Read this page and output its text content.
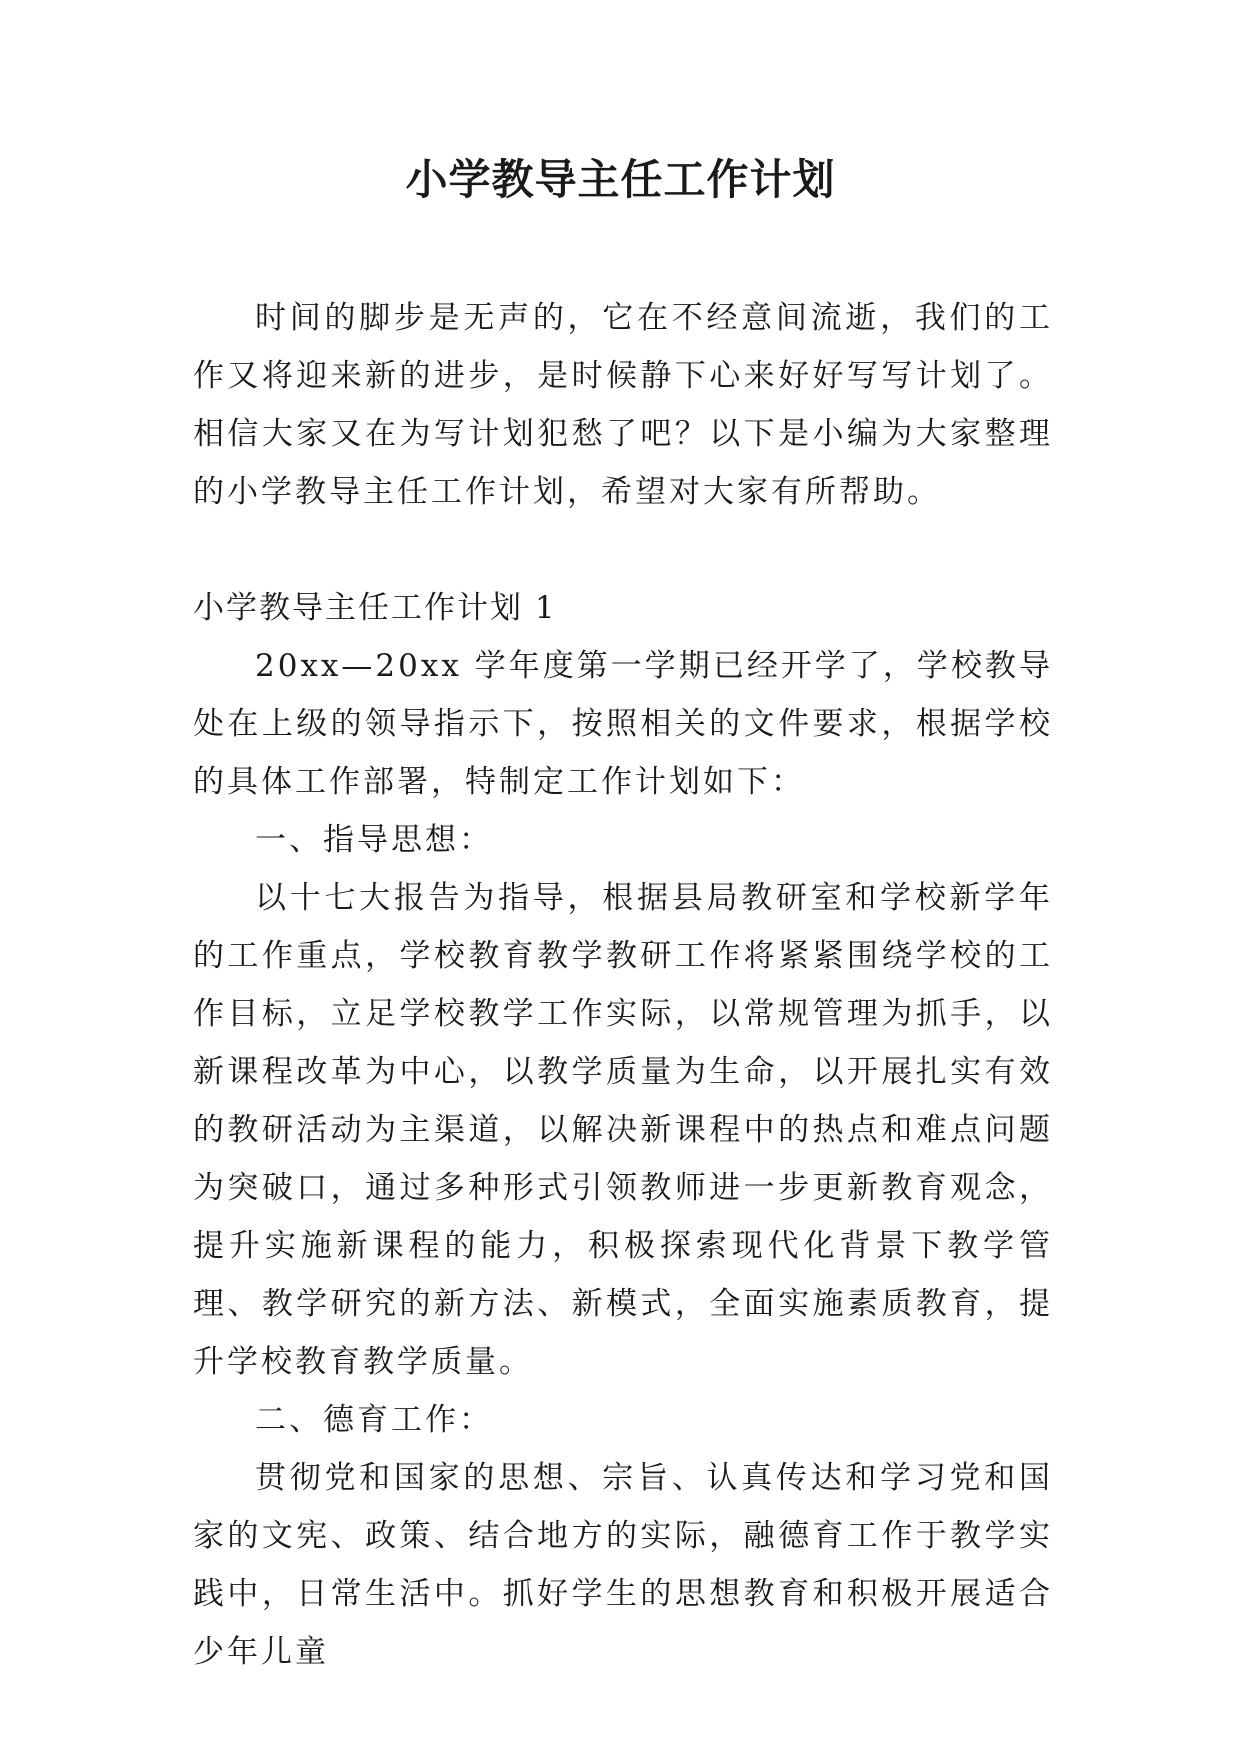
小学教导主任工作计划

时间的脚步是无声的，它在不经意间流逝，我们的工作又将迎来新的进步，是时候静下心来好好写写计划了。相信大家又在为写计划犯愁了吧？以下是小编为大家整理的小学教导主任工作计划，希望对大家有所帮助。

小学教导主任工作计划 1

20xx—20xx 学年度第一学期已经开学了，学校教导处在上级的领导指示下，按照相关的文件要求，根据学校的具体工作部署，特制定工作计划如下：

一、指导思想：

以十七大报告为指导，根据县局教研室和学校新学年的工作重点，学校教育教学教研工作将紧紧围绕学校的工作目标，立足学校教学工作实际，以常规管理为抓手，以新课程改革为中心，以教学质量为生命，以开展扎实有效的教研活动为主渠道，以解决新课程中的热点和难点问题为突破口，通过多种形式引领教师进一步更新教育观念，提升实施新课程的能力，积极探索现代化背景下教学管理、教学研究的新方法、新模式，全面实施素质教育，提升学校教育教学质量。

二、德育工作：

贯彻党和国家的思想、宗旨、认真传达和学习党和国家的文宪、政策、结合地方的实际，融德育工作于教学实践中，日常生活中。抓好学生的思想教育和积极开展适合少年儿童
